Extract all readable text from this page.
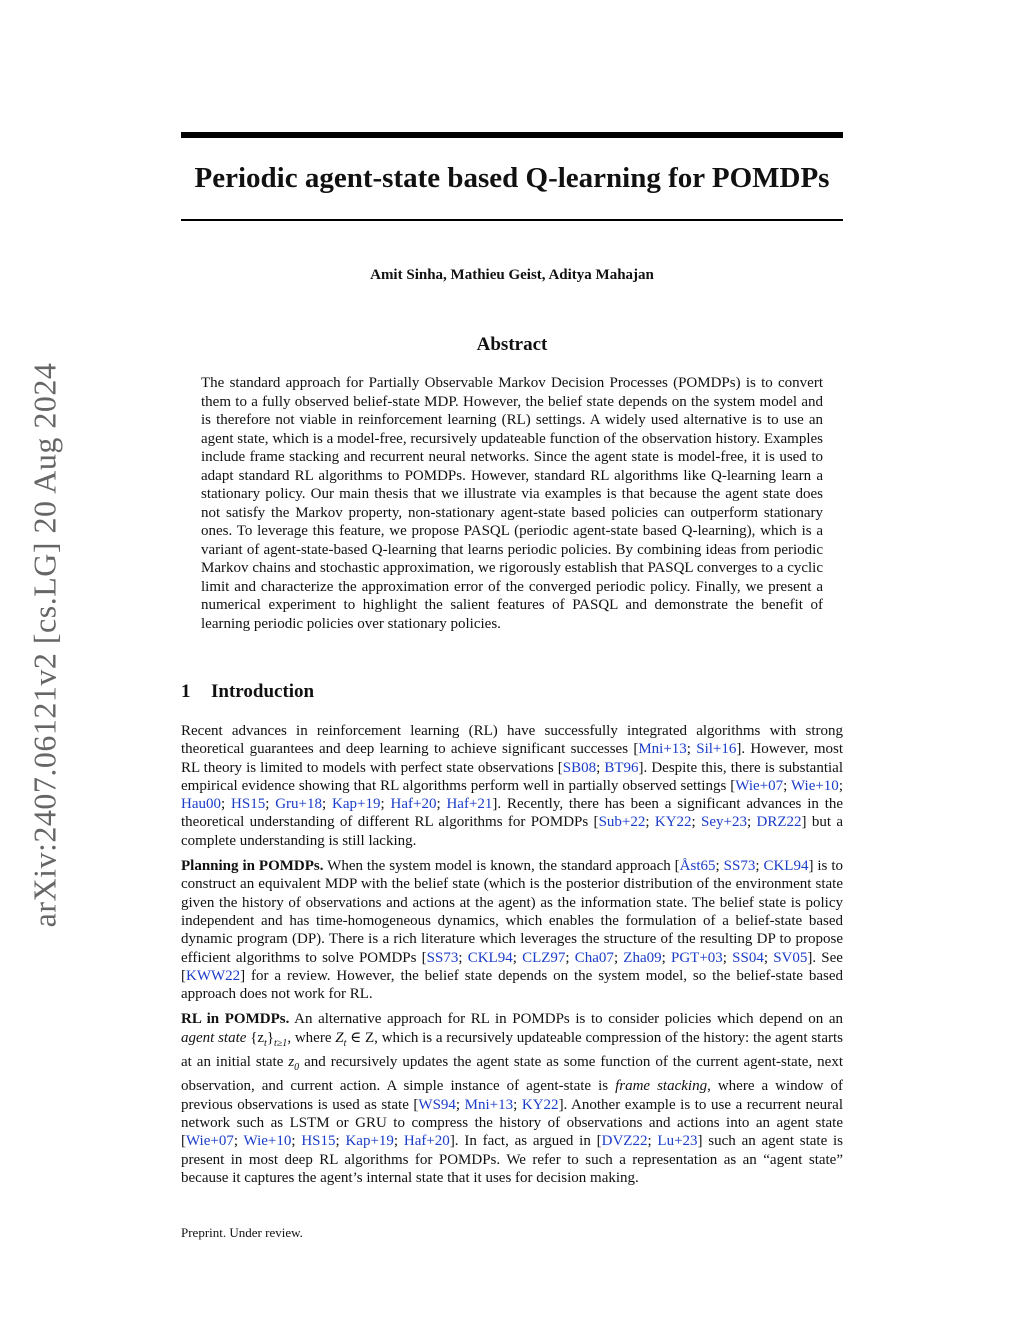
arXiv:2407.06121v2 [cs.LG] 20 Aug 2024
Periodic agent-state based Q-learning for POMDPs
Amit Sinha, Mathieu Geist, Aditya Mahajan
Abstract

The standard approach for Partially Observable Markov Decision Processes (POMDPs) is to convert them to a fully observed belief-state MDP. However, the belief state depends on the system model and is therefore not viable in reinforcement learning (RL) settings. A widely used alternative is to use an agent state, which is a model-free, recursively updateable function of the observation history. Examples include frame stacking and recurrent neural networks. Since the agent state is model-free, it is used to adapt standard RL algorithms to POMDPs. However, standard RL algorithms like Q-learning learn a stationary policy. Our main thesis that we illustrate via examples is that because the agent state does not satisfy the Markov property, non-stationary agent-state based policies can outperform stationary ones. To leverage this feature, we propose PASQL (periodic agent-state based Q-learning), which is a variant of agent-state-based Q-learning that learns periodic policies. By combining ideas from periodic Markov chains and stochastic approximation, we rigorously establish that PASQL converges to a cyclic limit and characterize the approximation error of the converged periodic policy. Finally, we present a numerical experiment to highlight the salient features of PASQL and demonstrate the benefit of learning periodic policies over stationary policies.

1 Introduction

Recent advances in reinforcement learning (RL) have successfully integrated algorithms with strong theoretical guarantees and deep learning to achieve significant successes [Mni+13; Sil+16]. However, most RL theory is limited to models with perfect state observations [SB08; BT96]. Despite this, there is substantial empirical evidence showing that RL algorithms perform well in partially observed settings [Wie+07; Wie+10; Hau00; HS15; Gru+18; Kap+19; Haf+20; Haf+21]. Recently, there has been a significant advances in the theoretical understanding of different RL algorithms for POMDPs [Sub+22; KY22; Sey+23; DRZ22] but a complete understanding is still lacking.

Planning in POMDPs. When the system model is known, the standard approach [Åst65; SS73; CKL94] is to construct an equivalent MDP with the belief state (which is the posterior distribution of the environment state given the history of observations and actions at the agent) as the information state. The belief state is policy independent and has time-homogeneous dynamics, which enables the formulation of a belief-state based dynamic program (DP). There is a rich literature which leverages the structure of the resulting DP to propose efficient algorithms to solve POMDPs [SS73; CKL94; CLZ97; Cha07; Zha09; PGT+03; SS04; SV05]. See [KWW22] for a review. However, the belief state depends on the system model, so the belief-state based approach does not work for RL.

RL in POMDPs. An alternative approach for RL in POMDPs is to consider policies which depend on an agent state $\{z_t\}_{t\ge 1}$, where $Z_t$ ∈ Z, which is a recursively updateable compression of the history: the agent starts at an initial state $z_0$ and recursively updates the agent state as some function of the current agent-state, next observation, and current action. A simple instance of agent-state is frame stacking, where a window of previous observations is used as state [WS94; Mni+13; KY22]. Another example is to use a recurrent neural network such as LSTM or GRU to compress the history of observations and actions into an agent state [Wie+07; Wie+10; HS15; Kap+19; Haf+20]. In fact, as argued in [DVZ22; Lu+23] such an agent state is present in most deep RL algorithms for POMDPs. We refer to such a representation as an “agent state” because it captures the agent’s internal state that it uses for decision making.

Preprint. Under review.
